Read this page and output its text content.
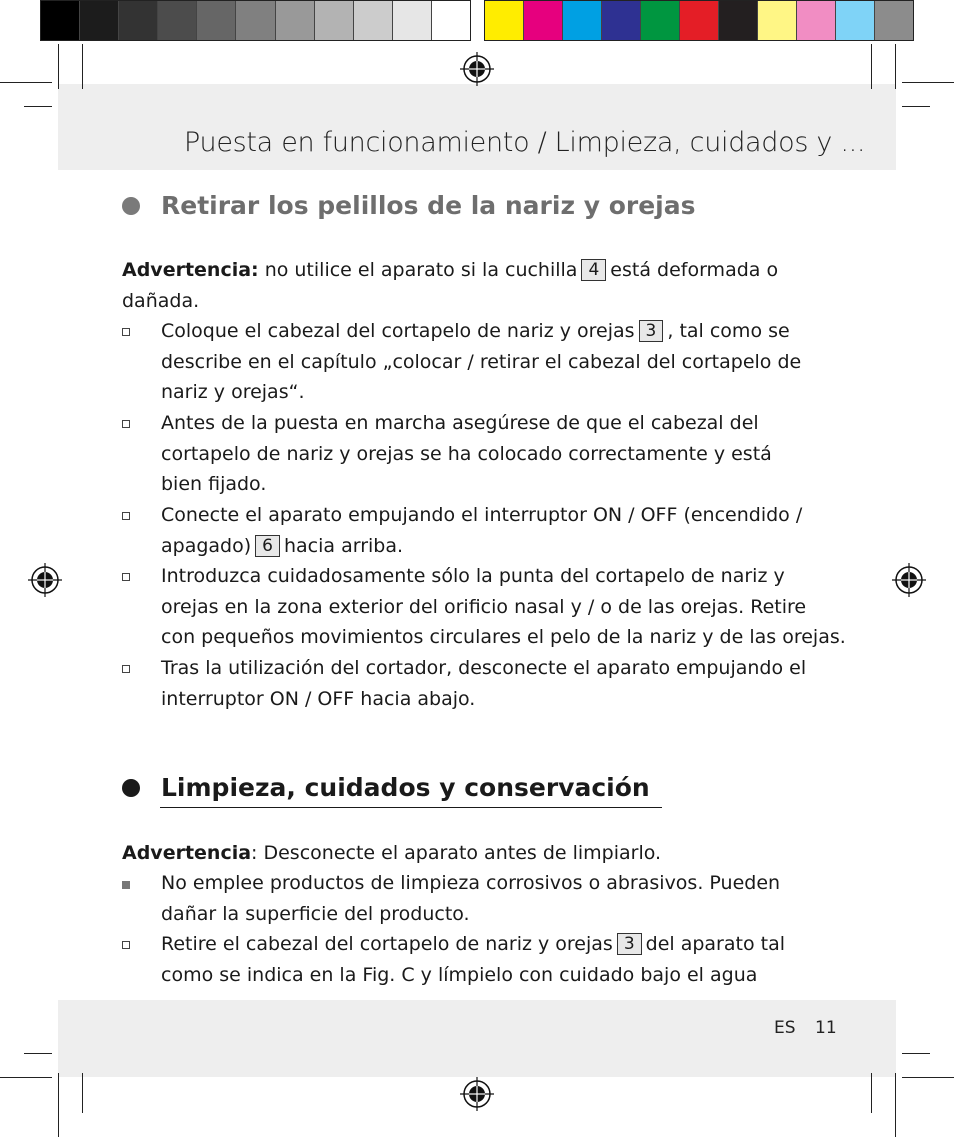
Puesta en funcionamiento / Limpieza, cuidados y ...
ES 11
Retirar los pelillos de la nariz y orejas
Advertencia: no utilice el aparato si la cuchilla 4 está deformada o
dañada.
Coloque el cabezal del cortapelo de nariz y orejas 3 , tal como se
describe en el capítulo „colocar / retirar el cabezal del cortapelo de
nariz y orejas“.
Antes de la puesta en marcha asegúrese de que el cabezal del
cortapelo de nariz y orejas se ha colocado correctamente y está
bien fijado.
Conecte el aparato empujando el interruptor ON / OFF (encendido /
apagado) 6 hacia arriba.
Introduzca cuidadosamente sólo la punta del cortapelo de nariz y
orejas en la zona exterior del orificio nasal y / o de las orejas. Retire
con pequeños movimientos circulares el pelo de la nariz y de las orejas.
Tras la utilización del cortador, desconecte el aparato empujando el
interruptor ON / OFF hacia abajo.
Limpieza, cuidados y conservación
Advertencia: Desconecte el aparato antes de limpiarlo.
No emplee productos de limpieza corrosivos o abrasivos. Pueden
dañar la superficie del producto.
Retire el cabezal del cortapelo de nariz y orejas 3 del aparato tal
como se indica en la Fig. C y límpielo con cuidado bajo el agua
